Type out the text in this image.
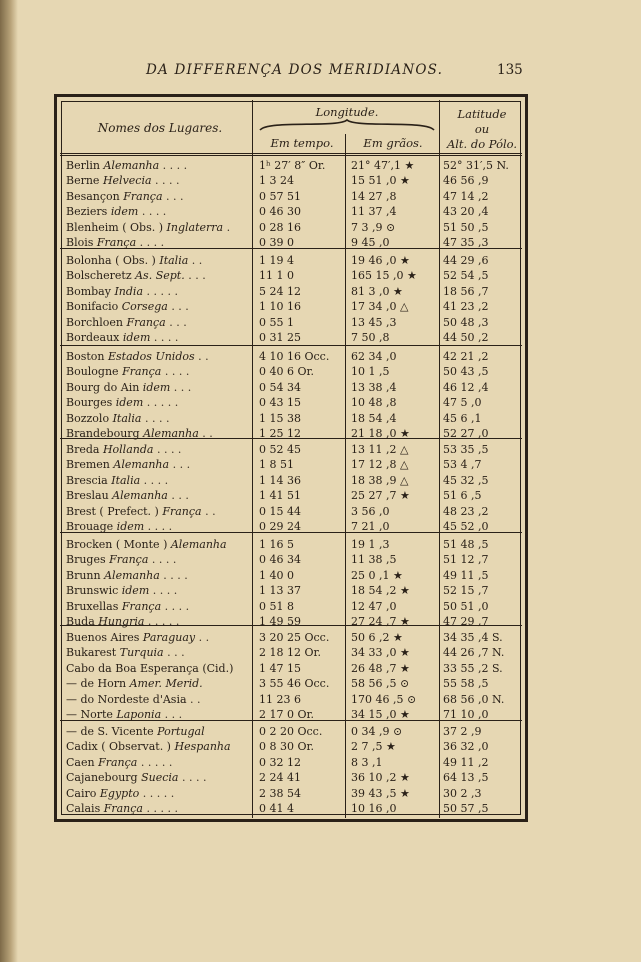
DA DIFFERENÇA DOS MERIDIANOS.	135
Nomes dos Lugares.
Longitude.
Em tempo.	Em grãos.
Latitude
ou
Alt. do Pólo.
Berlin Alemanha . . . .	1ʰ 27′ 8″ Or.	21° 47′,1 ★	52° 31′,5 N.
Berne Helvecia . . . .	1 3 24	15 51 ,0 ★	46 56 ,9
Besançon França . . .	0 57 51	14 27 ,8	47 14 ,2
Beziers idem . . . .	0 46 30	11 37 ,4	43 20 ,4
Blenheim ( Obs. ) Inglaterra .	0 28 16	7 3 ,9 ⊙	51 50 ,5
Blois França . . . .	0 39 0	9 45 ,0	47 35 ,3
Bolonha ( Obs. ) Italia . .	1 19 4	19 46 ,0 ★	44 29 ,6
Bolscheretz As. Sept. . . .	11 1 0	165 15 ,0 ★	52 54 ,5
Bombay India . . . . .	5 24 12	81 3 ,0 ★	18 56 ,7
Bonifacio Corsega . . .	1 10 16	17 34 ,0 △	41 23 ,2
Borchloen França . . .	0 55 1	13 45 ,3	50 48 ,3
Bordeaux idem . . . .	0 31 25	7 50 ,8	44 50 ,2
Boston Estados Unidos . .	4 10 16 Occ.	62 34 ,0	42 21 ,2
Boulogne França . . . .	0 40 6 Or.	10 1 ,5	50 43 ,5
Bourg do Ain idem . . .	0 54 34	13 38 ,4	46 12 ,4
Bourges idem . . . . .	0 43 15	10 48 ,8	47 5 ,0
Bozzolo Italia . . . .	1 15 38	18 54 ,4	45 6 ,1
Brandebourg Alemanha . .	1 25 12	21 18 ,0 ★	52 27 ,0
Breda Hollanda . . . .	0 52 45	13 11 ,2 △	53 35 ,5
Bremen Alemanha . . .	1 8 51	17 12 ,8 △	53 4 ,7
Brescia Italia . . . .	1 14 36	18 38 ,9 △	45 32 ,5
Breslau Alemanha . . .	1 41 51	25 27 ,7 ★	51 6 ,5
Brest ( Prefect. ) França . .	0 15 44	3 56 ,0	48 23 ,2
Brouage idem . . . .	0 29 24	7 21 ,0	45 52 ,0
Brocken ( Monte ) Alemanha	1 16 5	19 1 ,3	51 48 ,5
Bruges França . . . .	0 46 34	11 38 ,5	51 12 ,7
Brunn Alemanha . . . .	1 40 0	25 0 ,1 ★	49 11 ,5
Brunswic idem . . . .	1 13 37	18 54 ,2 ★	52 15 ,7
Bruxellas França . . . .	0 51 8	12 47 ,0	50 51 ,0
Buda Hungria . . . . .	1 49 59	27 24 ,7 ★	47 29 ,7
Buenos Aires Paraguay . .	3 20 25 Occ.	50 6 ,2 ★	34 35 ,4 S.
Bukarest Turquia . . .	2 18 12 Or.	34 33 ,0 ★	44 26 ,7 N.
Cabo da Boa Esperança (Cid.)	1 47 15	26 48 ,7 ★	33 55 ,2 S.
— de Horn Amer. Merid.	3 55 46 Occ.	58 56 ,5 ⊙	55 58 ,5
— do Nordeste d'Asia . .	11 23 6	170 46 ,5 ⊙	68 56 ,0 N.
— Norte Laponia . . .	2 17 0 Or.	34 15 ,0 ★	71 10 ,0
— de S. Vicente Portugal	0 2 20 Occ.	0 34 ,9 ⊙	37 2 ,9
Cadix ( Observat. ) Hespanha	0 8 30 Or.	2 7 ,5 ★	36 32 ,0
Caen França . . . . .	0 32 12	8 3 ,1	49 11 ,2
Cajanebourg Suecia . . . .	2 24 41	36 10 ,2 ★	64 13 ,5
Cairo Egypto . . . . .	2 38 54	39 43 ,5 ★	30 2 ,3
Calais França . . . . .	0 41 4	10 16 ,0	50 57 ,5
